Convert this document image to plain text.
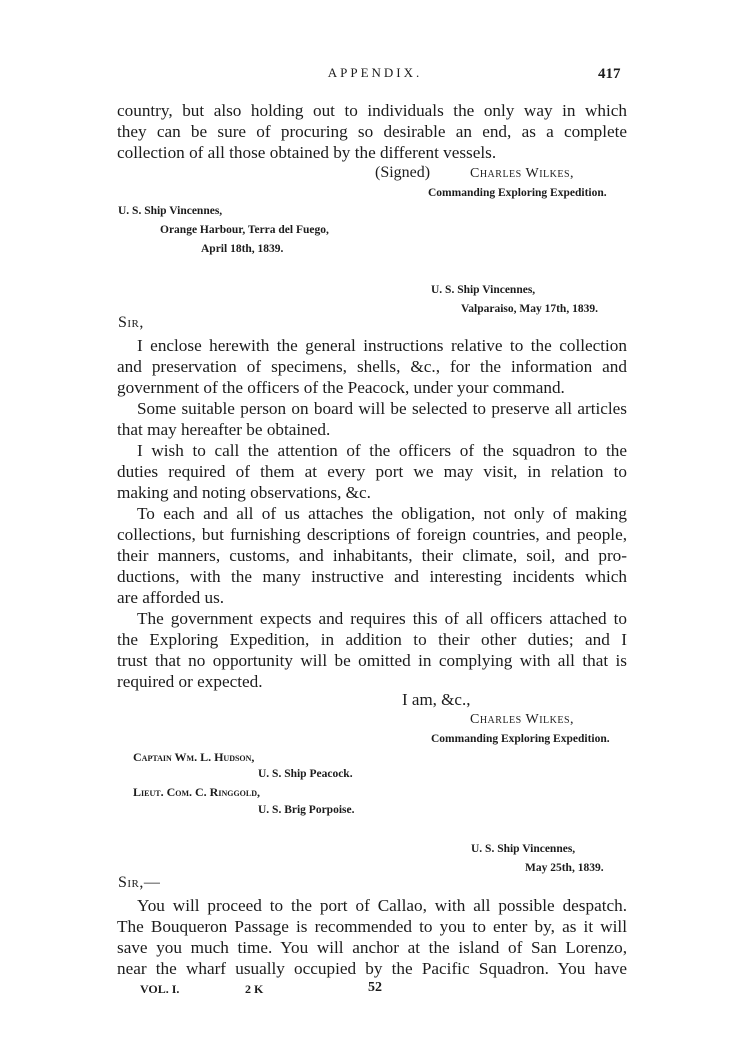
APPENDIX.	417
country, but also holding out to individuals the only way in which
they can be sure of procuring so desirable an end, as a complete
collection of all those obtained by the different vessels.
(Signed)	Charles Wilkes,
Commanding Exploring Expedition.
U. S. Ship Vincennes,
Orange Harbour, Terra del Fuego,
April 18th, 1839.
U. S. Ship Vincennes,
Valparaiso, May 17th, 1839.
Sir,
I enclose herewith the general instructions relative to the collection
and preservation of specimens, shells, &c., for the information and
government of the officers of the Peacock, under your command.
Some suitable person on board will be selected to preserve all articles
that may hereafter be obtained.
I wish to call the attention of the officers of the squadron to the
duties required of them at every port we may visit, in relation to
making and noting observations, &c.
To each and all of us attaches the obligation, not only of making
collections, but furnishing descriptions of foreign countries, and people,
their manners, customs, and inhabitants, their climate, soil, and pro-
ductions, with the many instructive and interesting incidents which
are afforded us.
The government expects and requires this of all officers attached to
the Exploring Expedition, in addition to their other duties; and I
trust that no opportunity will be omitted in complying with all that is
required or expected.
I am, &c.,
Charles Wilkes,
Commanding Exploring Expedition.
Captain Wm. L. Hudson,
U. S. Ship Peacock.
Lieut. Com. C. Ringgold,
U. S. Brig Porpoise.
U. S. Ship Vincennes,
May 25th, 1839.
Sir,—
You will proceed to the port of Callao, with all possible despatch.
The Bouqueron Passage is recommended to you to enter by, as it will
save you much time. You will anchor at the island of San Lorenzo,
near the wharf usually occupied by the Pacific Squadron. You have
VOL. I.	2 K	52
